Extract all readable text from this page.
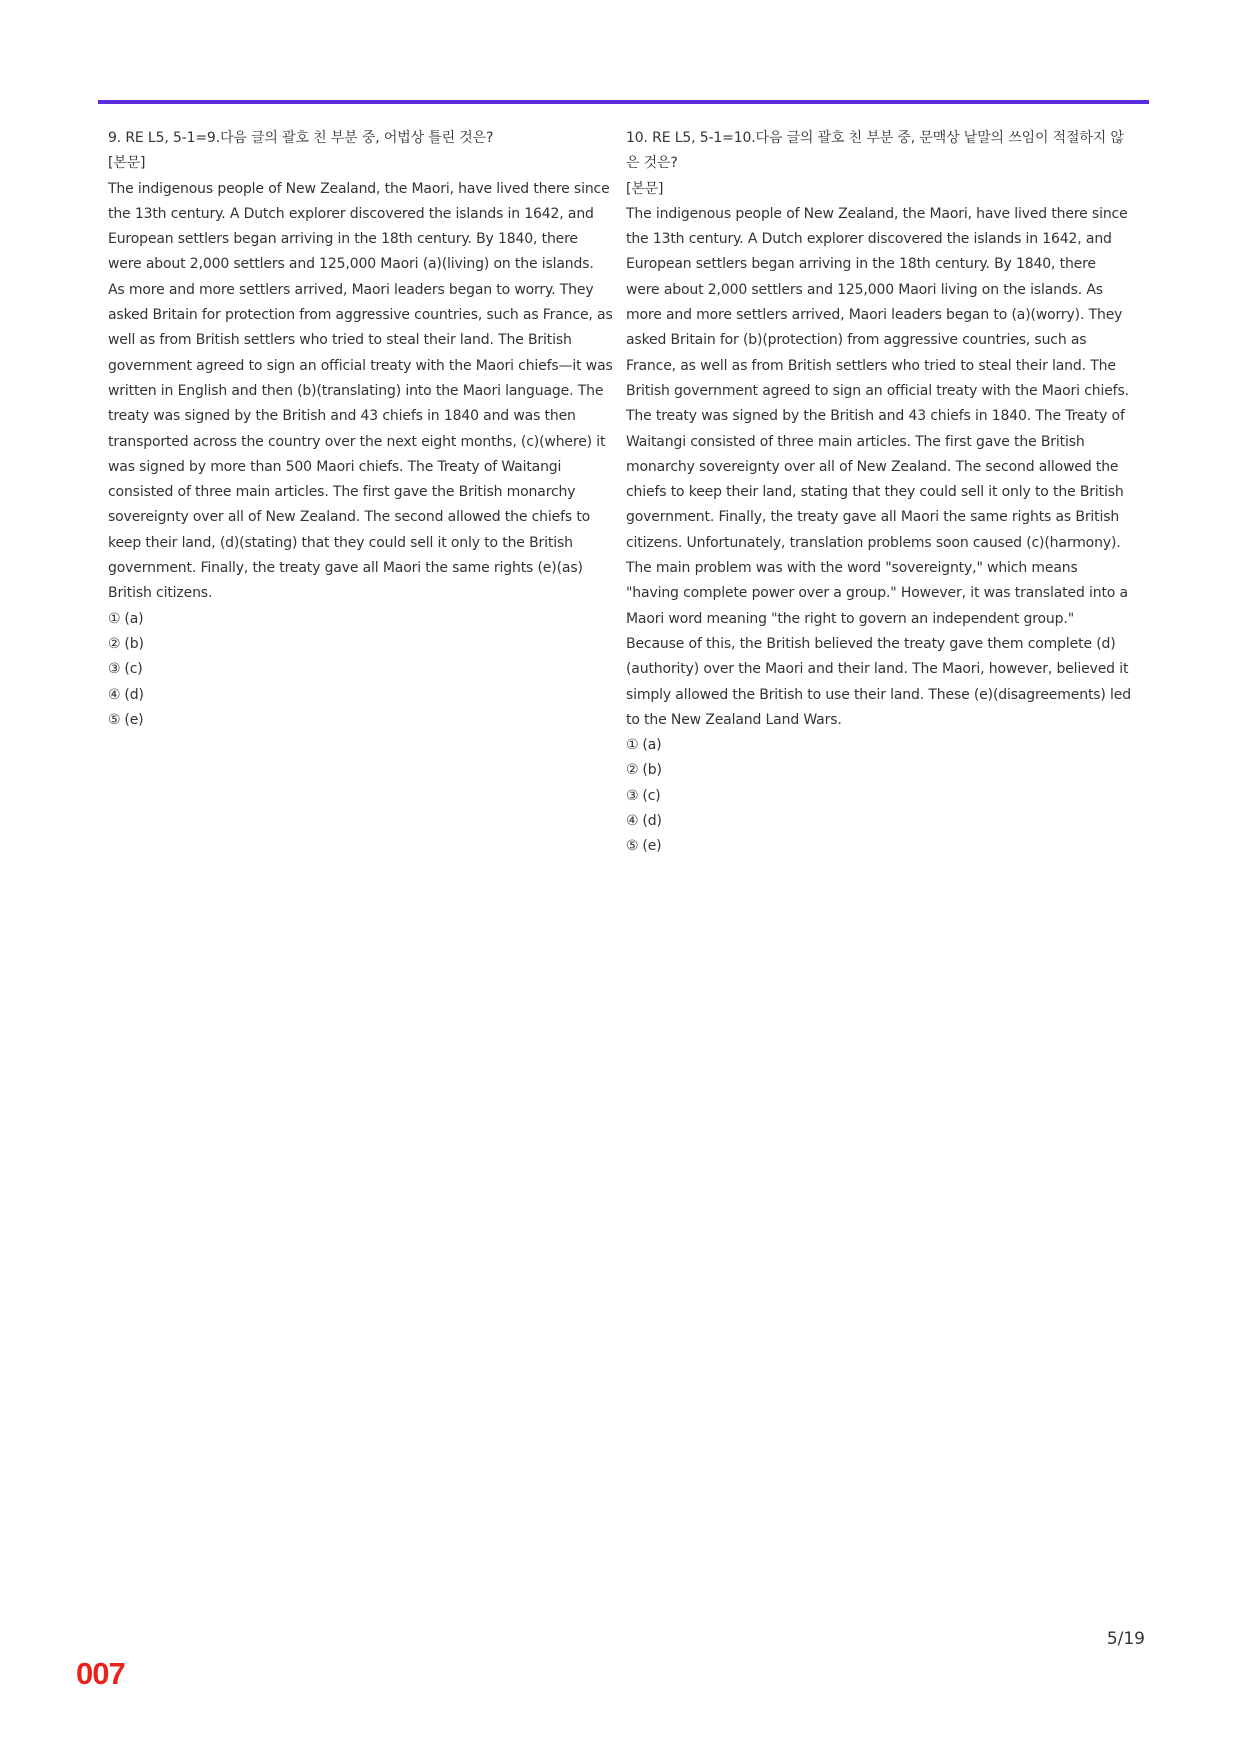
9. RE L5, 5-1=9.다음 글의 괄호 친 부분 중, 어법상 틀린 것은?

[본문]

The indigenous people of New Zealand, the Maori, have lived there since the 13th century. A Dutch explorer discovered the islands in 1642, and European settlers began arriving in the 18th century. By 1840, there were about 2,000 settlers and 125,000 Maori (a)(living) on the islands. As more and more settlers arrived, Maori leaders began to worry. They asked Britain for protection from aggressive countries, such as France, as well as from British settlers who tried to steal their land. The British government agreed to sign an official treaty with the Maori chiefs—it was written in English and then (b)(translating) into the Maori language. The treaty was signed by the British and 43 chiefs in 1840 and was then transported across the country over the next eight months, (c)(where) it was signed by more than 500 Maori chiefs. The Treaty of Waitangi consisted of three main articles. The first gave the British monarchy sovereignty over all of New Zealand. The second allowed the chiefs to keep their land, (d)(stating) that they could sell it only to the British government. Finally, the treaty gave all Maori the same rights (e)(as) British citizens.

① (a)
② (b)
③ (c)
④ (d)
⑤ (e)

10. RE L5, 5-1=10.다음 글의 괄호 친 부분 중, 문맥상 낱말의 쓰임이 적절하지 않은 것은?

[본문]

The indigenous people of New Zealand, the Maori, have lived there since the 13th century. A Dutch explorer discovered the islands in 1642, and European settlers began arriving in the 18th century. By 1840, there were about 2,000 settlers and 125,000 Maori living on the islands. As more and more settlers arrived, Maori leaders began to (a)(worry). They asked Britain for (b)(protection) from aggressive countries, such as France, as well as from British settlers who tried to steal their land. The British government agreed to sign an official treaty with the Maori chiefs. The treaty was signed by the British and 43 chiefs in 1840. The Treaty of Waitangi consisted of three main articles. The first gave the British monarchy sovereignty over all of New Zealand. The second allowed the chiefs to keep their land, stating that they could sell it only to the British government. Finally, the treaty gave all Maori the same rights as British citizens. Unfortunately, translation problems soon caused (c)(harmony). The main problem was with the word "sovereignty," which means "having complete power over a group." However, it was translated into a Maori word meaning "the right to govern an independent group." Because of this, the British believed the treaty gave them complete (d)(authority) over the Maori and their land. The Maori, however, believed it simply allowed the British to use their land. These (e)(disagreements) led to the New Zealand Land Wars.

① (a)
② (b)
③ (c)
④ (d)
⑤ (e)
5/19
007
